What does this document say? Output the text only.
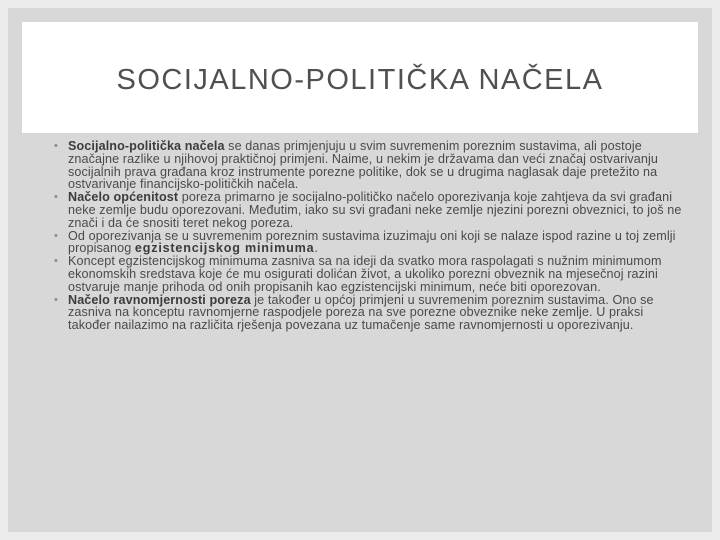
SOCIJALNO-POLITIČKA NAČELA
• Socijalno-politička načela se danas primjenjuju u svim suvremenim poreznim sustavima, ali postoje značajne razlike u njihovoj praktičnoj primjeni. Naime, u nekim je državama dan veći značaj ostvarivanju socijalnih prava građana kroz instrumente porezne politike, dok se u drugima naglasak daje pretežito na ostvarivanje financijsko-političkih načela.
• Načelo općenitost poreza primarno je socijalno-političko načelo oporezivanja koje zahtjeva da svi građani neke zemlje budu oporezovani. Međutim, iako su svi građani neke zemlje njezini porezni obveznici, to još ne znači i da će snositi teret nekog poreza.
• Od oporezivanja se u suvremenim poreznim sustavima izuzimaju oni koji se nalaze ispod razine u toj zemlji propisanog egzistencijskog minimuma.
• Koncept egzistencijskog minimuma zasniva sa na ideji da svatko mora raspolagati s nužnim minimumom ekonomskih sredstava koje će mu osigurati dolićan život, a ukoliko porezni obveznik na mjesečnoj razini ostvaruje manje prihoda od onih propisanih kao egzistencijski minimum, neće biti oporezovan.
• Načelo ravnomjernosti poreza je također u općoj primjeni u suvremenim poreznim sustavima. Ono se zasniva na konceptu ravnomjerne raspodjele poreza na sve porezne obveznike neke zemlje. U praksi također nailazimo na različita rješenja povezana uz tumačenje same ravnomjernosti u oporezivanju.
